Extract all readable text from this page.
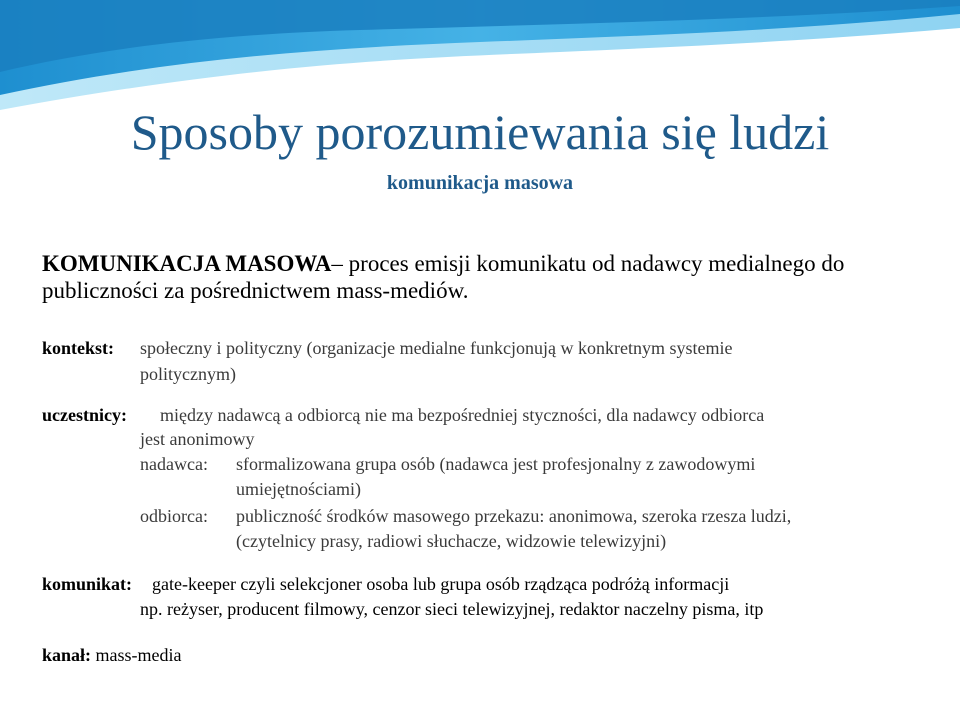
Sposoby porozumiewania się ludzi
komunikacja masowa
KOMUNIKACJA MASOWA– proces emisji komunikatu od nadawcy medialnego do
publiczności za pośrednictwem mass-mediów.
kontekst: społeczny i polityczny (organizacje medialne funkcjonują w konkretnym systemie
politycznym)
uczestnicy: między nadawcą a odbiorcą nie ma bezpośredniej styczności, dla nadawcy odbiorca
jest anonimowy
nadawca: sformalizowana grupa osób (nadawca jest profesjonalny z zawodowymi
umiejętnościami)
odbiorca: publiczność środków masowego przekazu: anonimowa, szeroka rzesza ludzi,
(czytelnicy prasy, radiowi słuchacze, widzowie telewizyjni)
komunikat: gate-keeper czyli selekcjoner osoba lub grupa osób rządząca podróżą informacji
np. reżyser, producent filmowy, cenzor sieci telewizyjnej, redaktor naczelny pisma, itp
kanał: mass-media
